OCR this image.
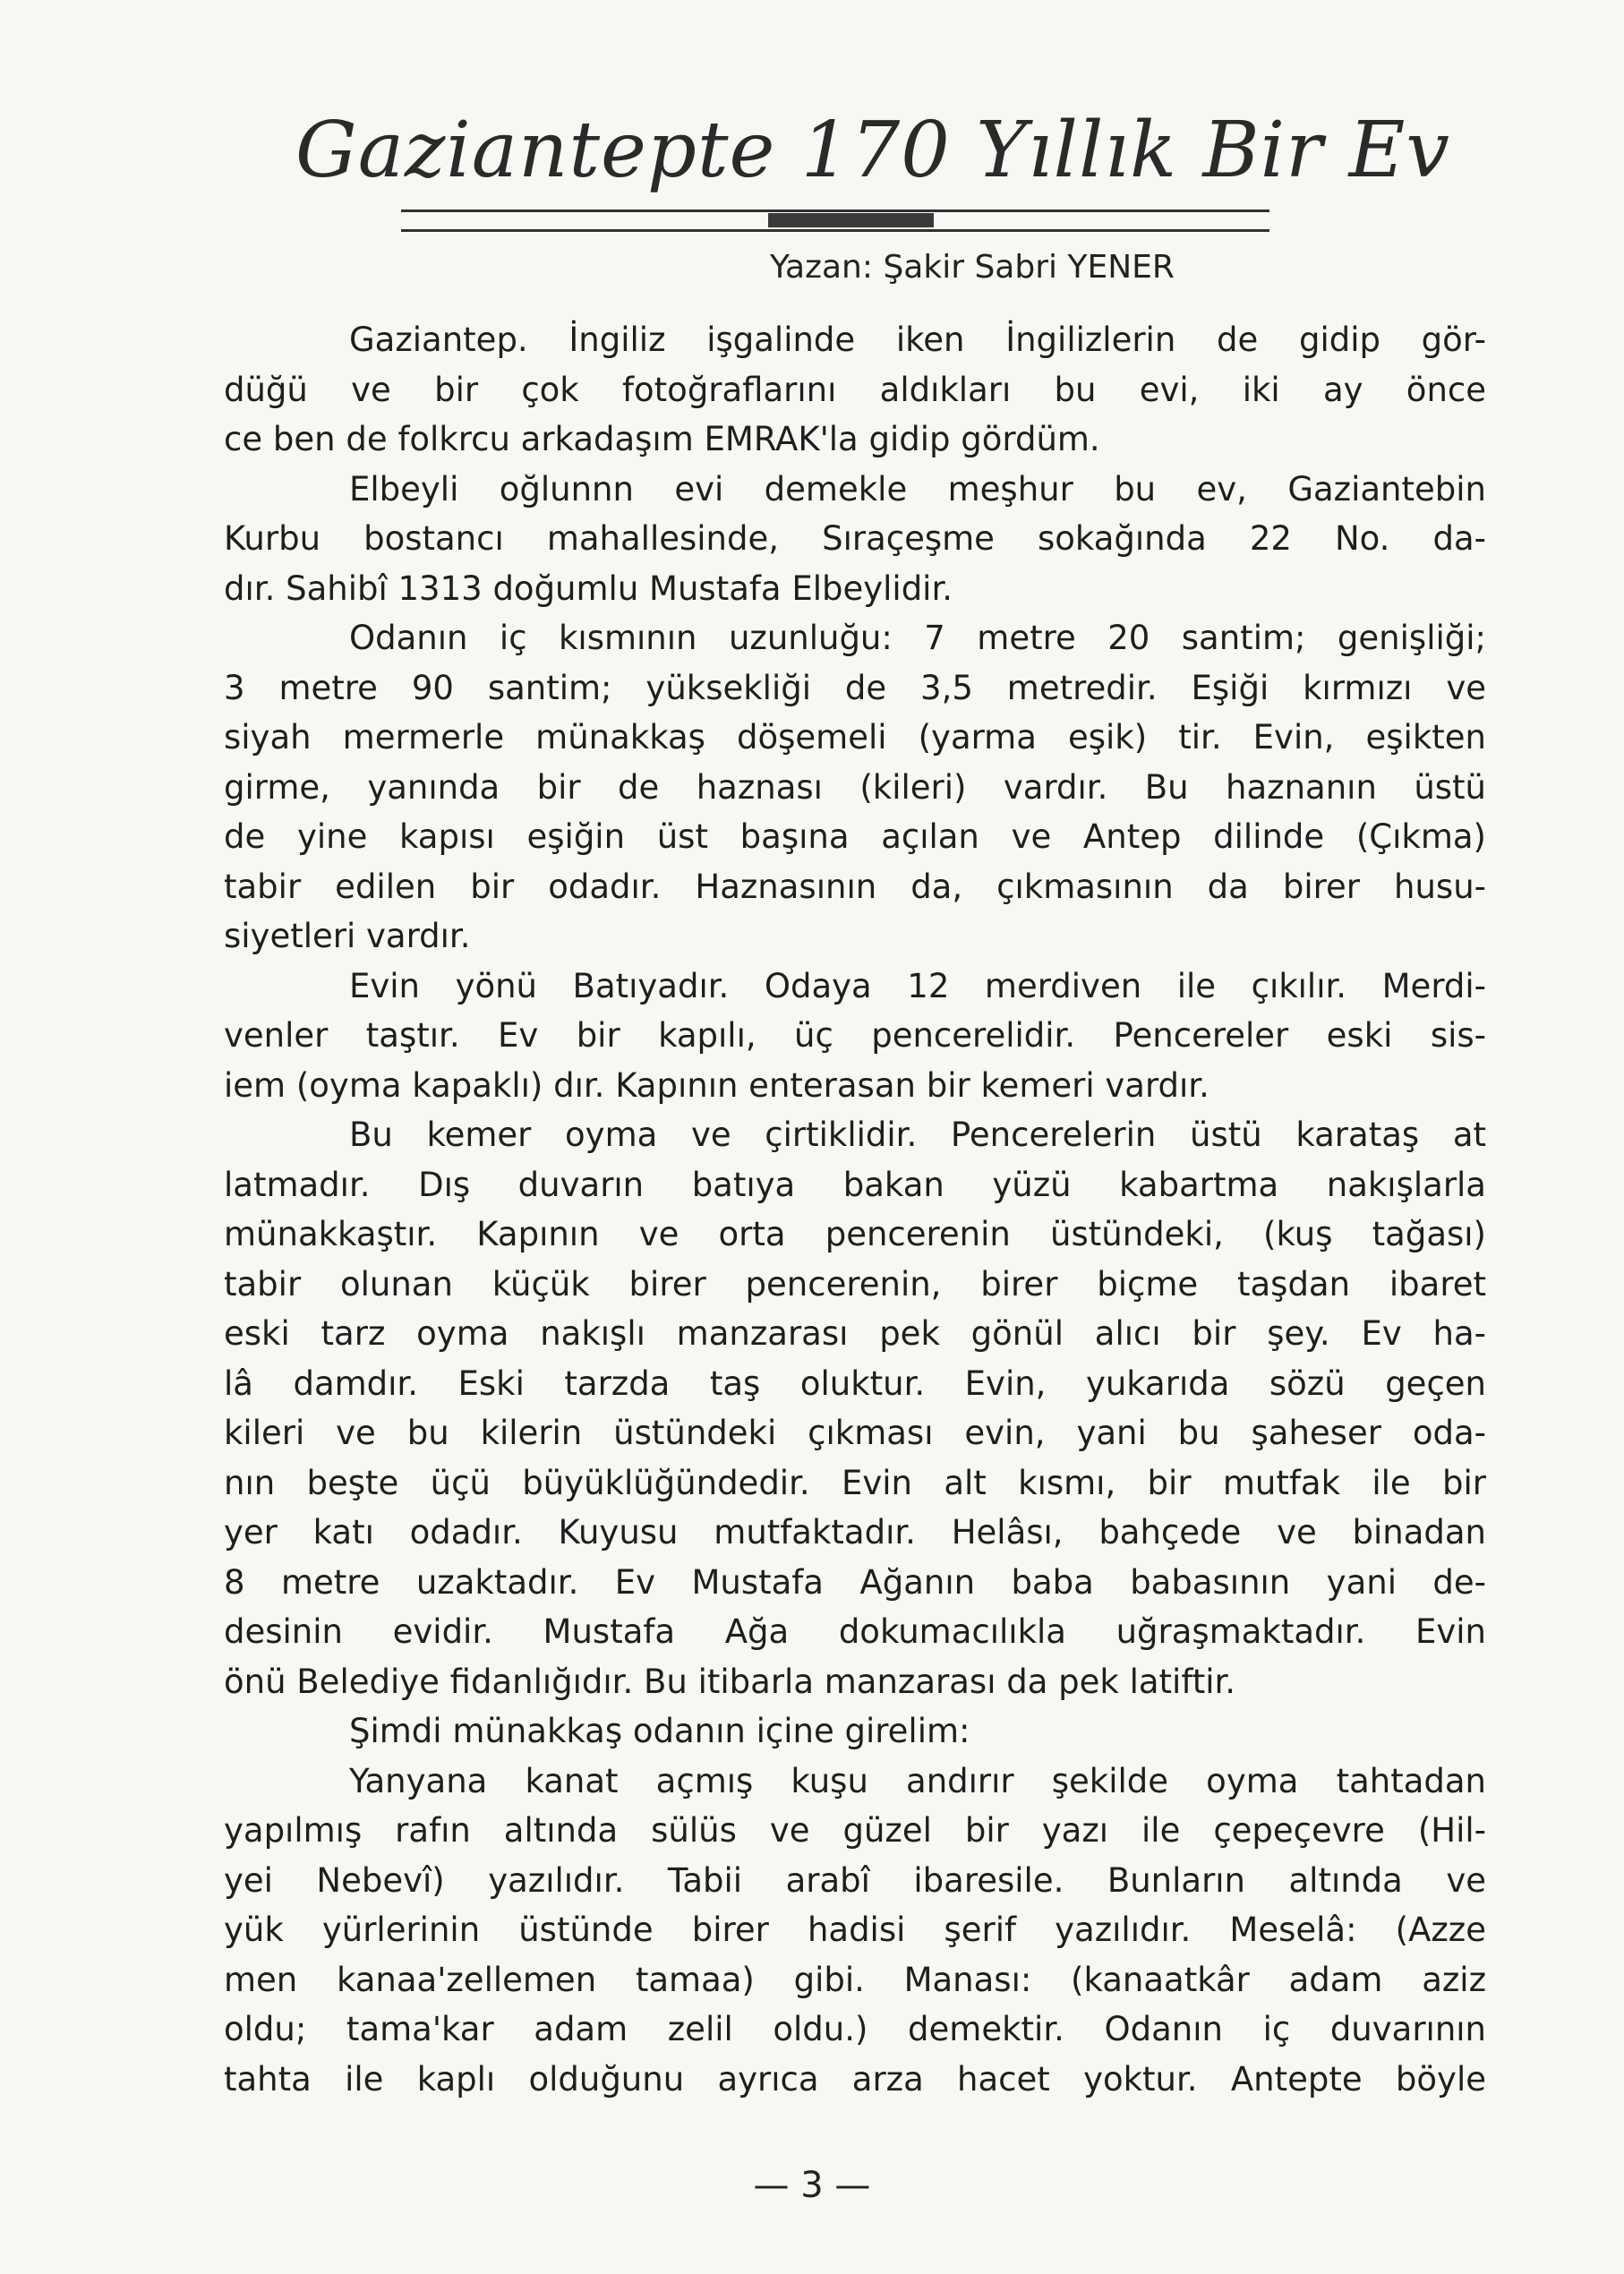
Gaziantepte 170 Yıllık Bir Ev
Yazan: Şakir Sabri YENER
Gaziantep. İngiliz işgalinde iken İngilizlerin de gidip gör-
düğü ve bir çok fotoğraflarını aldıkları bu evi, iki ay önce
ce ben de folkrcu arkadaşım EMRAK'la gidip gördüm.
Elbeyli oğlunnn evi demekle meşhur bu ev, Gaziantebin
Kurbu bostancı mahallesinde, Sıraçeşme sokağında 22 No. da-
dır. Sahibî 1313 doğumlu Mustafa Elbeylidir.
Odanın iç kısmının uzunluğu: 7 metre 20 santim; genişliği;
3 metre 90 santim; yüksekliği de 3,5 metredir. Eşiği kırmızı ve
siyah mermerle münakkaş döşemeli (yarma eşik) tir. Evin, eşikten
girme, yanında bir de haznası (kileri) vardır. Bu haznanın üstü
de yine kapısı eşiğin üst başına açılan ve Antep dilinde (Çıkma)
tabir edilen bir odadır. Haznasının da, çıkmasının da birer husu-
siyetleri vardır.
Evin yönü Batıyadır. Odaya 12 merdiven ile çıkılır. Merdi-
venler taştır. Ev bir kapılı, üç pencerelidir. Pencereler eski sis-
iem (oyma kapaklı) dır. Kapının enterasan bir kemeri vardır.
Bu kemer oyma ve çirtiklidir. Pencerelerin üstü karataş at
latmadır. Dış duvarın batıya bakan yüzü kabartma nakışlarla
münakkaştır. Kapının ve orta pencerenin üstündeki, (kuş tağası)
tabir olunan küçük birer pencerenin, birer biçme taşdan ibaret
eski tarz oyma nakışlı manzarası pek gönül alıcı bir şey. Ev ha-
lâ damdır. Eski tarzda taş oluktur. Evin, yukarıda sözü geçen
kileri ve bu kilerin üstündeki çıkması evin, yani bu şaheser oda-
nın beşte üçü büyüklüğündedir. Evin alt kısmı, bir mutfak ile bir
yer katı odadır. Kuyusu mutfaktadır. Helâsı, bahçede ve binadan
8 metre uzaktadır. Ev Mustafa Ağanın baba babasının yani de-
desinin evidir. Mustafa Ağa dokumacılıkla uğraşmaktadır. Evin
önü Belediye fidanlığıdır. Bu itibarla manzarası da pek latiftir.
Şimdi münakkaş odanın içine girelim:
Yanyana kanat açmış kuşu andırır şekilde oyma tahtadan
yapılmış rafın altında sülüs ve güzel bir yazı ile çepeçevre (Hil-
yei Nebevî) yazılıdır. Tabii arabî ibaresile. Bunların altında ve
yük yürlerinin üstünde birer hadisi şerif yazılıdır. Meselâ: (Azze
men kanaa'zellemen tamaa) gibi. Manası: (kanaatkâr adam aziz
oldu; tama'kar adam zelil oldu.) demektir. Odanın iç duvarının
tahta ile kaplı olduğunu ayrıca arza hacet yoktur. Antepte böyle
— 3 —
